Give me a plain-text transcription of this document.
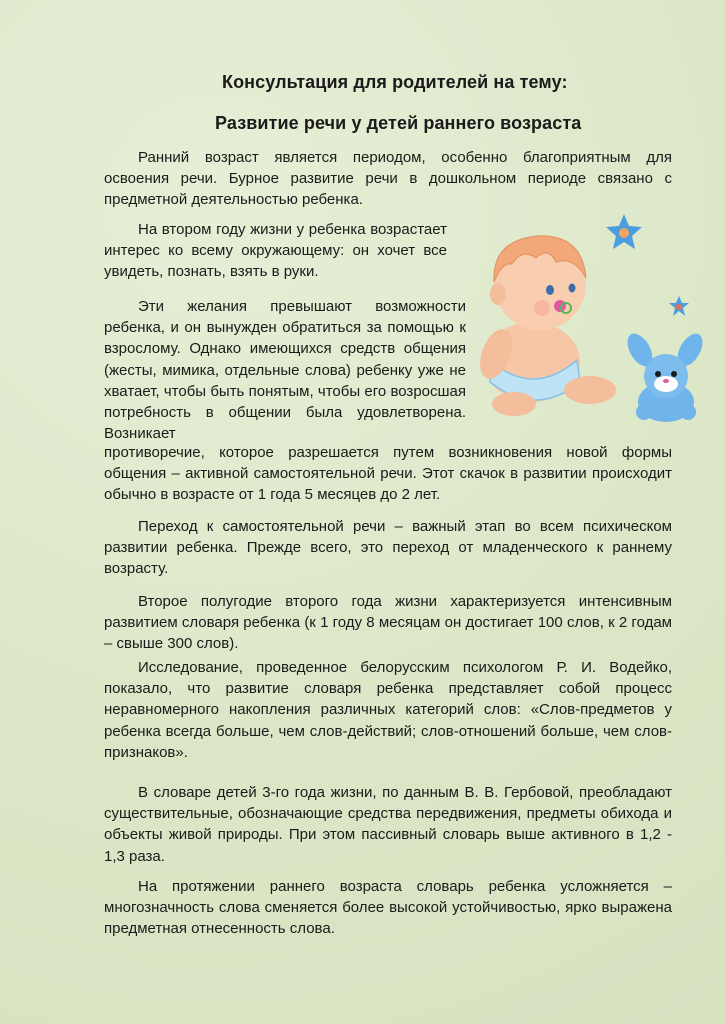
Консультация для родителей на тему:
Развитие речи у детей раннего возраста

Ранний возраст является периодом, особенно благоприятным для освоения речи. Бурное развитие речи в дошкольном периоде связано с предметной деятельностью ребенка.

На втором году жизни у ребенка возрастает интерес ко всему окружающему: он хочет все увидеть, познать, взять в руки.

Эти желания превышают возможности ребенка, и он вынужден обратиться за помощью к взрослому. Однако имеющихся средств общения (жесты, мимика, отдельные слова) ребенку уже не хватает, чтобы быть понятым, чтобы его возросшая потребность в общении была удовлетворена. Возникает

противоречие, которое разрешается путем возникновения новой формы общения – активной самостоятельной речи. Этот скачок в развитии происходит обычно в возрасте от 1 года 5 месяцев до 2 лет.

Переход к самостоятельной речи – важный этап во всем психическом развитии ребенка. Прежде всего, это переход от младенческого к раннему возрасту.

Второе полугодие второго года жизни характеризуется интенсивным развитием словаря ребенка (к 1 году 8 месяцам он достигает 100 слов, к 2 годам – свыше 300 слов).

Исследование, проведенное белорусским психологом Р. И. Водейко, показало, что развитие словаря ребенка представляет собой процесс неравномерного накопления различных категорий слов: «Слов-предметов у ребенка всегда больше, чем слов-действий; слов-отношений больше, чем слов-признаков».

В словаре детей 3-го года жизни, по данным В. В. Гербовой, преобладают существительные, обозначающие средства передвижения, предметы обихода и объекты живой природы. При этом пассивный словарь выше активного в 1,2 - 1,3 раза.

На протяжении раннего возраста словарь ребенка усложняется – многозначность слова сменяется более высокой устойчивостью, ярко выражена предметная отнесенность слова.
